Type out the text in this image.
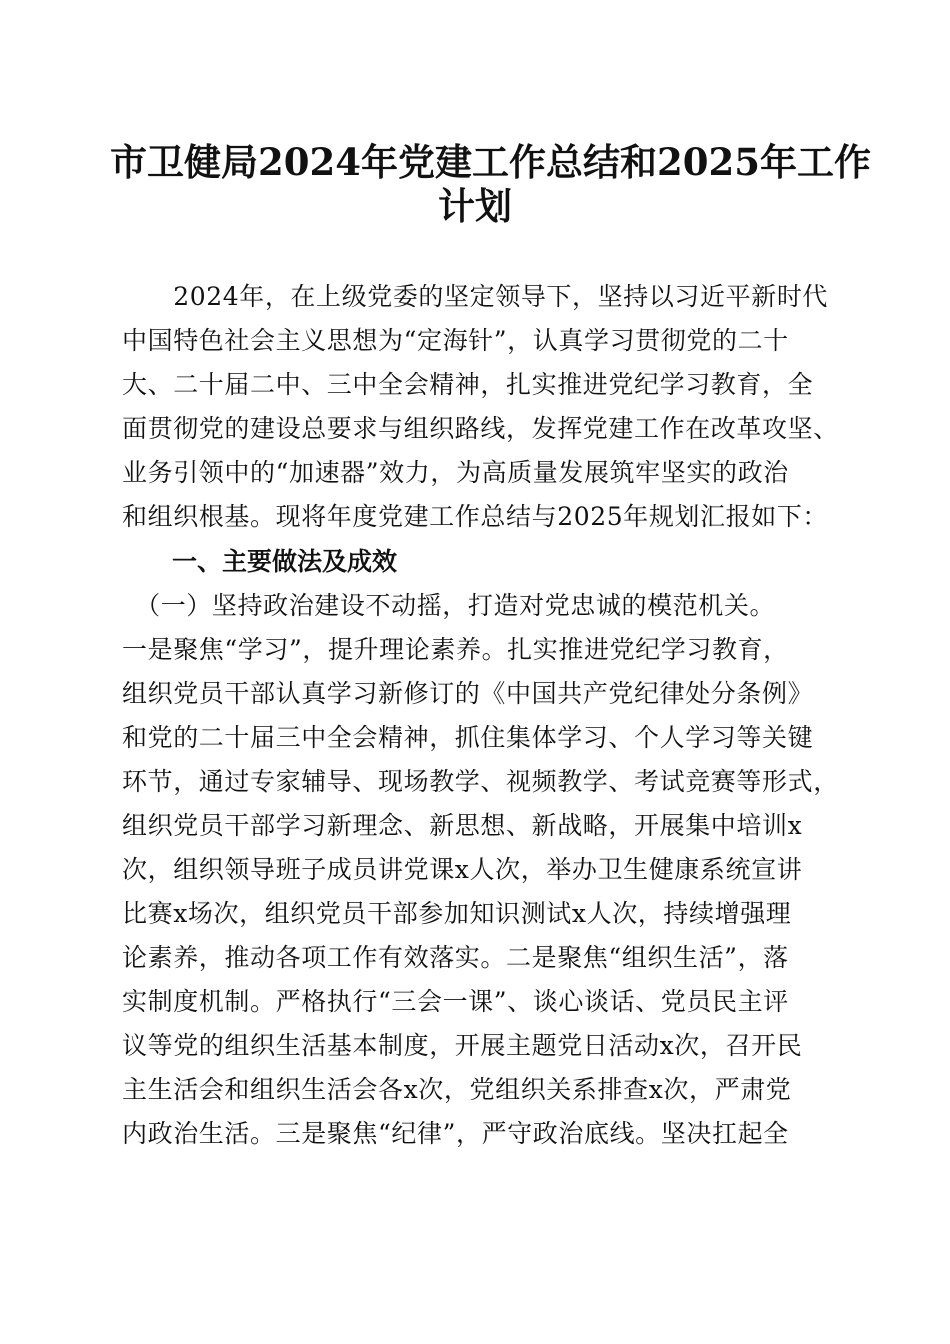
市卫健局2024年党建工作总结和2025年工作
计划
　　2024年，在上级党委的坚定领导下，坚持以习近平新时代
中国特色社会主义思想为“定海针”，认真学习贯彻党的二十
大、二十届二中、三中全会精神，扎实推进党纪学习教育，全
面贯彻党的建设总要求与组织路线，发挥党建工作在改革攻坚、
业务引领中的“加速器”效力，为高质量发展筑牢坚实的政治
和组织根基。现将年度党建工作总结与2025年规划汇报如下：
一、主要做法及成效
　（一）坚持政治建设不动摇，打造对党忠诚的模范机关。
一是聚焦“学习”，提升理论素养。扎实推进党纪学习教育，
组织党员干部认真学习新修订的《中国共产党纪律处分条例》
和党的二十届三中全会精神，抓住集体学习、个人学习等关键
环节，通过专家辅导、现场教学、视频教学、考试竞赛等形式，
组织党员干部学习新理念、新思想、新战略，开展集中培训x
次，组织领导班子成员讲党课x人次，举办卫生健康系统宣讲
比赛x场次，组织党员干部参加知识测试x人次，持续增强理
论素养，推动各项工作有效落实。二是聚焦“组织生活”，落
实制度机制。严格执行“三会一课”、谈心谈话、党员民主评
议等党的组织生活基本制度，开展主题党日活动x次，召开民
主生活会和组织生活会各x次，党组织关系排查x次，严肃党
内政治生活。三是聚焦“纪律”，严守政治底线。坚决扛起全
